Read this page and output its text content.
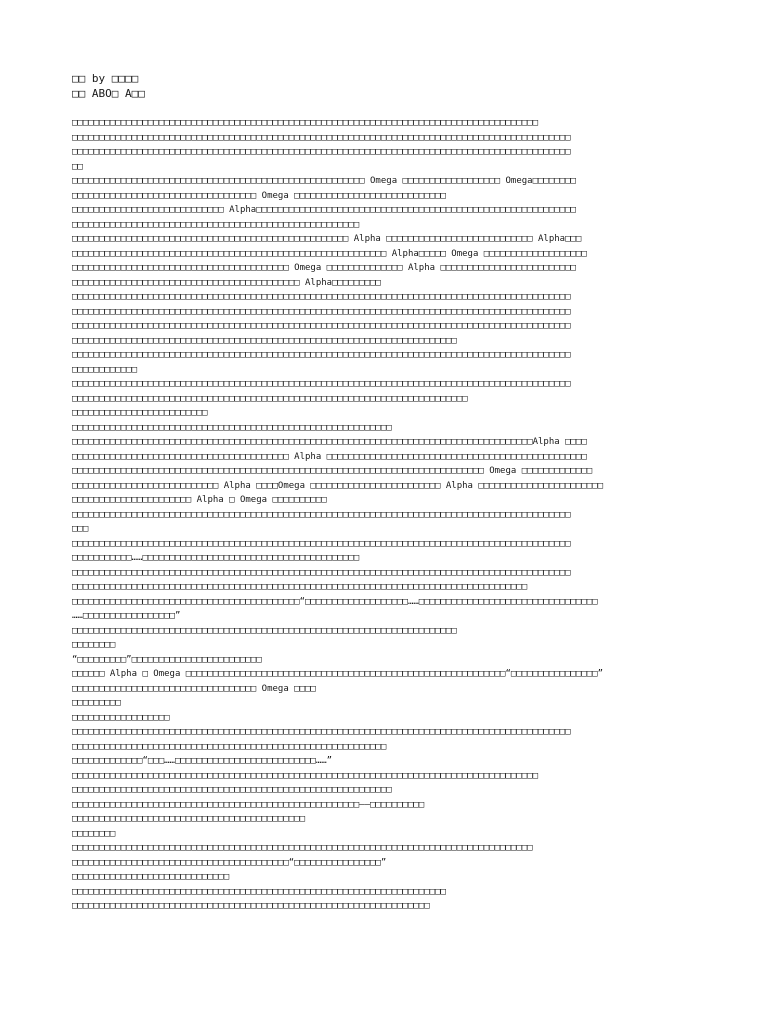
□□ by □□□□
□□ ABO□ A□□
□□□□□□□□□□□□□□□□□□□□□□□□□□□□□□□□□□□□□□□□□□□□□□□□□□□□□□□□□□□□□□□□□□□□□□□□□□□□□□□□□□□□□□
□□□□□□□□□□□□□□□□□□□□□□□□□□□□□□□□□□□□□□□□□□□□□□□□□□□□□□□□□□□□□□□□□□□□□□□□□□□□□□□□□□□□□□□□□□□□
□□□□□□□□□□□□□□□□□□□□□□□□□□□□□□□□□□□□□□□□□□□□□□□□□□□□□□□□□□□□□□□□□□□□□□□□□□□□□□□□□□□□□□□□□□□□
□□
□□□□□□□□□□□□□□□□□□□□□□□□□□□□□□□□□□□□□□□□□□□□□□□□□□□□□□ Omega □□□□□□□□□□□□□□□□□□ Omega□□□□□□□□
□□□□□□□□□□□□□□□□□□□□□□□□□□□□□□□□□□ Omega □□□□□□□□□□□□□□□□□□□□□□□□□□□□
□□□□□□□□□□□□□□□□□□□□□□□□□□□□ Alpha□□□□□□□□□□□□□□□□□□□□□□□□□□□□□□□□□□□□□□□□□□□□□□□□□□□□□□□□□□□
□□□□□□□□□□□□□□□□□□□□□□□□□□□□□□□□□□□□□□□□□□□□□□□□□□□□□
□□□□□□□□□□□□□□□□□□□□□□□□□□□□□□□□□□□□□□□□□□□□□□□□□□□ Alpha □□□□□□□□□□□□□□□□□□□□□□□□□□□ Alpha□□□
□□□□□□□□□□□□□□□□□□□□□□□□□□□□□□□□□□□□□□□□□□□□□□□□□□□□□□□□□□ Alpha□□□□□ Omega □□□□□□□□□□□□□□□□□□□
□□□□□□□□□□□□□□□□□□□□□□□□□□□□□□□□□□□□□□□□ Omega □□□□□□□□□□□□□□ Alpha □□□□□□□□□□□□□□□□□□□□□□□□□
□□□□□□□□□□□□□□□□□□□□□□□□□□□□□□□□□□□□□□□□□□ Alpha□□□□□□□□□
□□□□□□□□□□□□□□□□□□□□□□□□□□□□□□□□□□□□□□□□□□□□□□□□□□□□□□□□□□□□□□□□□□□□□□□□□□□□□□□□□□□□□□□□□□□□
□□□□□□□□□□□□□□□□□□□□□□□□□□□□□□□□□□□□□□□□□□□□□□□□□□□□□□□□□□□□□□□□□□□□□□□□□□□□□□□□□□□□□□□□□□□□
□□□□□□□□□□□□□□□□□□□□□□□□□□□□□□□□□□□□□□□□□□□□□□□□□□□□□□□□□□□□□□□□□□□□□□□□□□□□□□□□□□□□□□□□□□□□
□□□□□□□□□□□□□□□□□□□□□□□□□□□□□□□□□□□□□□□□□□□□□□□□□□□□□□□□□□□□□□□□□□□□□□□
□□□□□□□□□□□□□□□□□□□□□□□□□□□□□□□□□□□□□□□□□□□□□□□□□□□□□□□□□□□□□□□□□□□□□□□□□□□□□□□□□□□□□□□□□□□□
□□□□□□□□□□□□
□□□□□□□□□□□□□□□□□□□□□□□□□□□□□□□□□□□□□□□□□□□□□□□□□□□□□□□□□□□□□□□□□□□□□□□□□□□□□□□□□□□□□□□□□□□□
□□□□□□□□□□□□□□□□□□□□□□□□□□□□□□□□□□□□□□□□□□□□□□□□□□□□□□□□□□□□□□□□□□□□□□□□□
□□□□□□□□□□□□□□□□□□□□□□□□□
□□□□□□□□□□□□□□□□□□□□□□□□□□□□□□□□□□□□□□□□□□□□□□□□□□□□□□□□□□□
□□□□□□□□□□□□□□□□□□□□□□□□□□□□□□□□□□□□□□□□□□□□□□□□□□□□□□□□□□□□□□□□□□□□□□□□□□□□□□□□□□□□□Alpha □□□□
□□□□□□□□□□□□□□□□□□□□□□□□□□□□□□□□□□□□□□□□ Alpha □□□□□□□□□□□□□□□□□□□□□□□□□□□□□□□□□□□□□□□□□□□□□□□□
□□□□□□□□□□□□□□□□□□□□□□□□□□□□□□□□□□□□□□□□□□□□□□□□□□□□□□□□□□□□□□□□□□□□□□□□□□□□ Omega □□□□□□□□□□□□□
□□□□□□□□□□□□□□□□□□□□□□□□□□□ Alpha □□□□Omega □□□□□□□□□□□□□□□□□□□□□□□□ Alpha □□□□□□□□□□□□□□□□□□□□□□□
□□□□□□□□□□□□□□□□□□□□□□ Alpha □ Omega □□□□□□□□□□
□□□□□□□□□□□□□□□□□□□□□□□□□□□□□□□□□□□□□□□□□□□□□□□□□□□□□□□□□□□□□□□□□□□□□□□□□□□□□□□□□□□□□□□□□□□□
□□□
□□□□□□□□□□□□□□□□□□□□□□□□□□□□□□□□□□□□□□□□□□□□□□□□□□□□□□□□□□□□□□□□□□□□□□□□□□□□□□□□□□□□□□□□□□□□
□□□□□□□□□□□……□□□□□□□□□□□□□□□□□□□□□□□□□□□□□□□□□□□□□□□□
□□□□□□□□□□□□□□□□□□□□□□□□□□□□□□□□□□□□□□□□□□□□□□□□□□□□□□□□□□□□□□□□□□□□□□□□□□□□□□□□□□□□□□□□□□□□
□□□□□□□□□□□□□□□□□□□□□□□□□□□□□□□□□□□□□□□□□□□□□□□□□□□□□□□□□□□□□□□□□□□□□□□□□□□□□□□□□□□□
□□□□□□□□□□□□□□□□□□□□□□□□□□□□□□□□□□□□□□□□□□“□□□□□□□□□□□□□□□□□□□……□□□□□□□□□□□□□□□□□□□□□□□□□□□□□□□□□
……□□□□□□□□□□□□□□□□□”
□□□□□□□□□□□□□□□□□□□□□□□□□□□□□□□□□□□□□□□□□□□□□□□□□□□□□□□□□□□□□□□□□□□□□□□
□□□□□□□□
“□□□□□□□□□”□□□□□□□□□□□□□□□□□□□□□□□□
□□□□□□ Alpha □ Omega □□□□□□□□□□□□□□□□□□□□□□□□□□□□□□□□□□□□□□□□□□□□□□□□□□□□□□□□□□□“□□□□□□□□□□□□□□□□”
□□□□□□□□□□□□□□□□□□□□□□□□□□□□□□□□□□ Omega □□□□
□□□□□□□□□
□□□□□□□□□□□□□□□□□□
□□□□□□□□□□□□□□□□□□□□□□□□□□□□□□□□□□□□□□□□□□□□□□□□□□□□□□□□□□□□□□□□□□□□□□□□□□□□□□□□□□□□□□□□□□□□
□□□□□□□□□□□□□□□□□□□□□□□□□□□□□□□□□□□□□□□□□□□□□□□□□□□□□□□□□□
□□□□□□□□□□□□□“□□□……□□□□□□□□□□□□□□□□□□□□□□□□□□……”
□□□□□□□□□□□□□□□□□□□□□□□□□□□□□□□□□□□□□□□□□□□□□□□□□□□□□□□□□□□□□□□□□□□□□□□□□□□□□□□□□□□□□□
□□□□□□□□□□□□□□□□□□□□□□□□□□□□□□□□□□□□□□□□□□□□□□□□□□□□□□□□□□□
□□□□□□□□□□□□□□□□□□□□□□□□□□□□□□□□□□□□□□□□□□□□□□□□□□□□□——□□□□□□□□□□
□□□□□□□□□□□□□□□□□□□□□□□□□□□□□□□□□□□□□□□□□□□
□□□□□□□□
□□□□□□□□□□□□□□□□□□□□□□□□□□□□□□□□□□□□□□□□□□□□□□□□□□□□□□□□□□□□□□□□□□□□□□□□□□□□□□□□□□□□□
□□□□□□□□□□□□□□□□□□□□□□□□□□□□□□□□□□□□□□□□“□□□□□□□□□□□□□□□□”
□□□□□□□□□□□□□□□□□□□□□□□□□□□□□
□□□□□□□□□□□□□□□□□□□□□□□□□□□□□□□□□□□□□□□□□□□□□□□□□□□□□□□□□□□□□□□□□□□□□
□□□□□□□□□□□□□□□□□□□□□□□□□□□□□□□□□□□□□□□□□□□□□□□□□□□□□□□□□□□□□□□□□□
